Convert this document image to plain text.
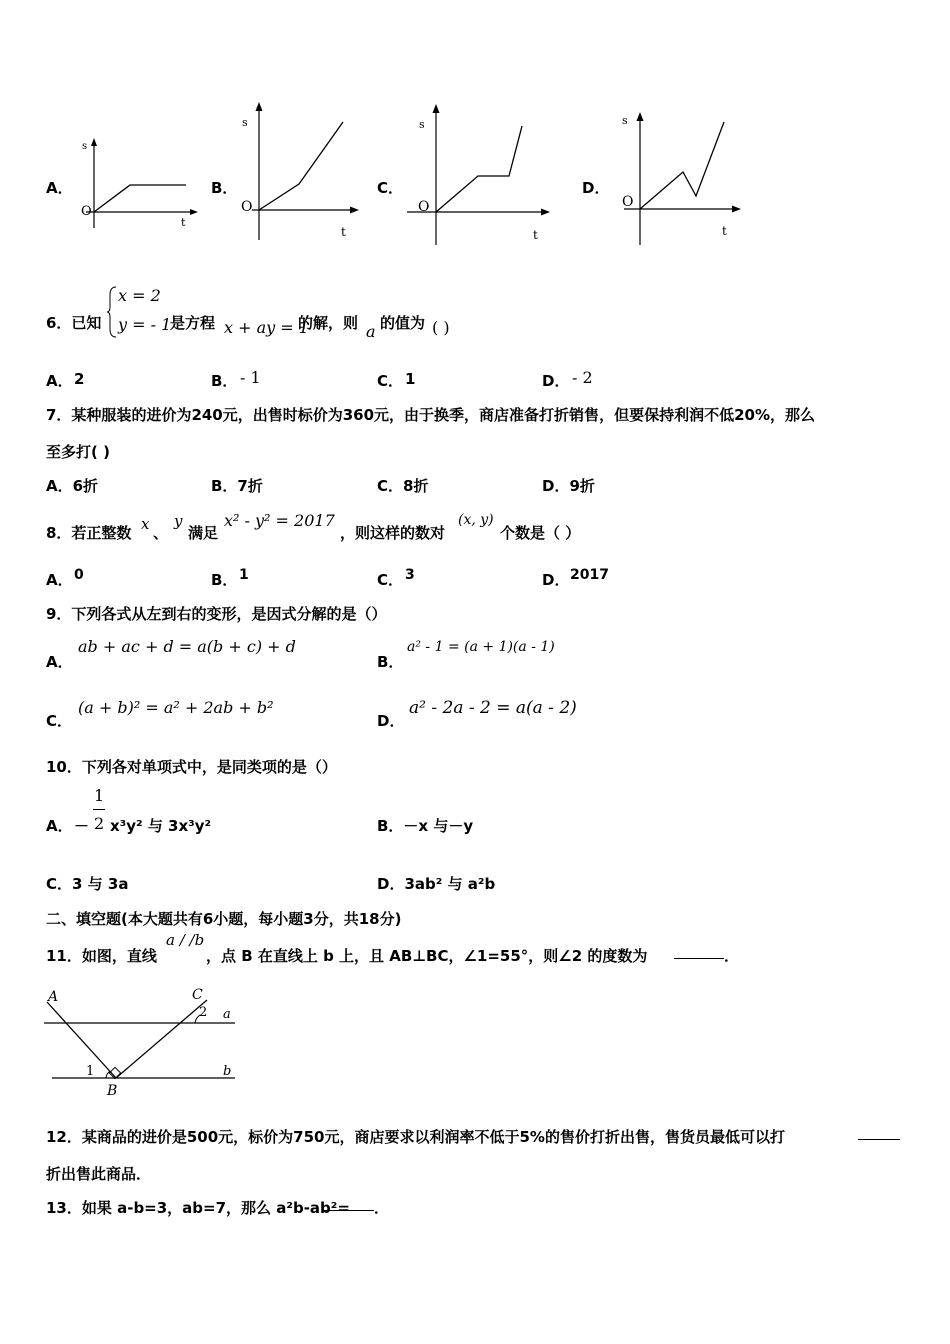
A．
s
t
O
B．
s
t
O
C．
s
t
O
D．
s
t
O
6．已知
x = 2
y = - 1
是方程 x + ay = 1
的解，则 a 的值为 ( )
A． 2	B． - 1	C． 1	D． - 2
7．某种服装的进价为240元，出售时标价为360元，由于换季，商店准备打折销售，但要保持利润不低20%，那么
至多打( )
A．6折	B．7折	C．8折	D．9折
8．若正整数 x 、
y
满足
x² - y² = 2017
，则这样的数对
(x, y)
个数是（ ）
A． 0	B． 1	C． 3	D． 2017
9．下列各式从左到右的变形，是因式分解的是（）
A．
ab + ac + d = a(b + c) + d
B．
a² - 1 = (a + 1)(a - 1)
C．
(a + b)² = a² + 2ab + b²
D．
a² - 2a - 2 = a(a - 2)
10．下列各对单项式中，是同类项的是（）
A． －
1
2 x³y² 与 3x³y²	B．－x 与－y
C．3 与 3a	D．3ab² 与 a²b
二、填空题(本大题共有6小题，每小题3分，共18分)
11．如图，直线
a / /b
，点 B 在直线上 b 上，且 AB⊥BC，∠1=55°，则∠2 的度数为	．
A	C
B
a
b
1
2
12．某商品的进价是500元，标价为750元，商店要求以利润率不低于5%的售价打折出售，售货员最低可以打
折出售此商品．
13．如果 a-b=3，ab=7，那么 a²b-ab²= ．
